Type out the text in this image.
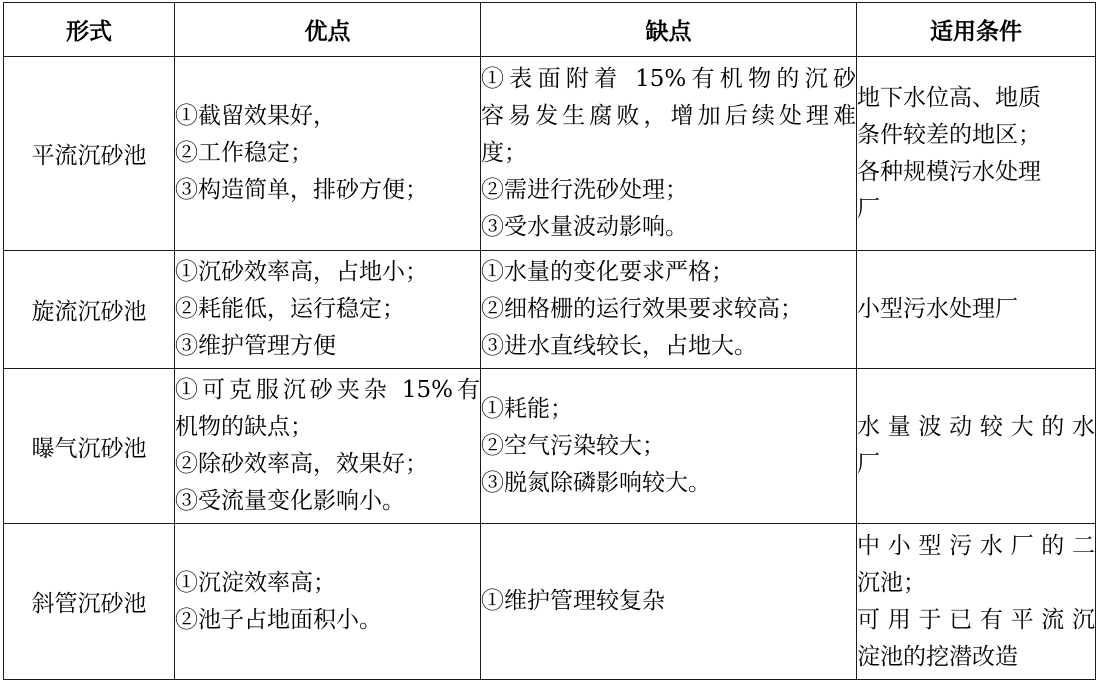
形式	优点	缺点	适用条件
平流沉砂池	①截留效果好，
②工作稳定；
③构造简单，排砂方便；	①表面附着 15%有机物的沉砂
容易发生腐败，增加后续处理难
度；
②需进行洗砂处理；
③受水量波动影响。	地下水位高、地质
条件较差的地区；
各种规模污水处理
厂

旋流沉砂池	①沉砂效率高，占地小；
②耗能低，运行稳定；
③维护管理方便	①水量的变化要求严格；
②细格栅的运行效果要求较高；
③进水直线较长，占地大。	小型污水处理厂

曝气沉砂池	①可克服沉砂夹杂 15%有
机物的缺点；
②除砂效率高，效果好；
③受流量变化影响小。	①耗能；
②空气污染较大；
③脱氮除磷影响较大。	水量波动较大的水
厂

斜管沉砂池	①沉淀效率高；
②池子占地面积小。	①维护管理较复杂	中小型污水厂的二
沉池；
可用于已有平流沉
淀池的挖潜改造
